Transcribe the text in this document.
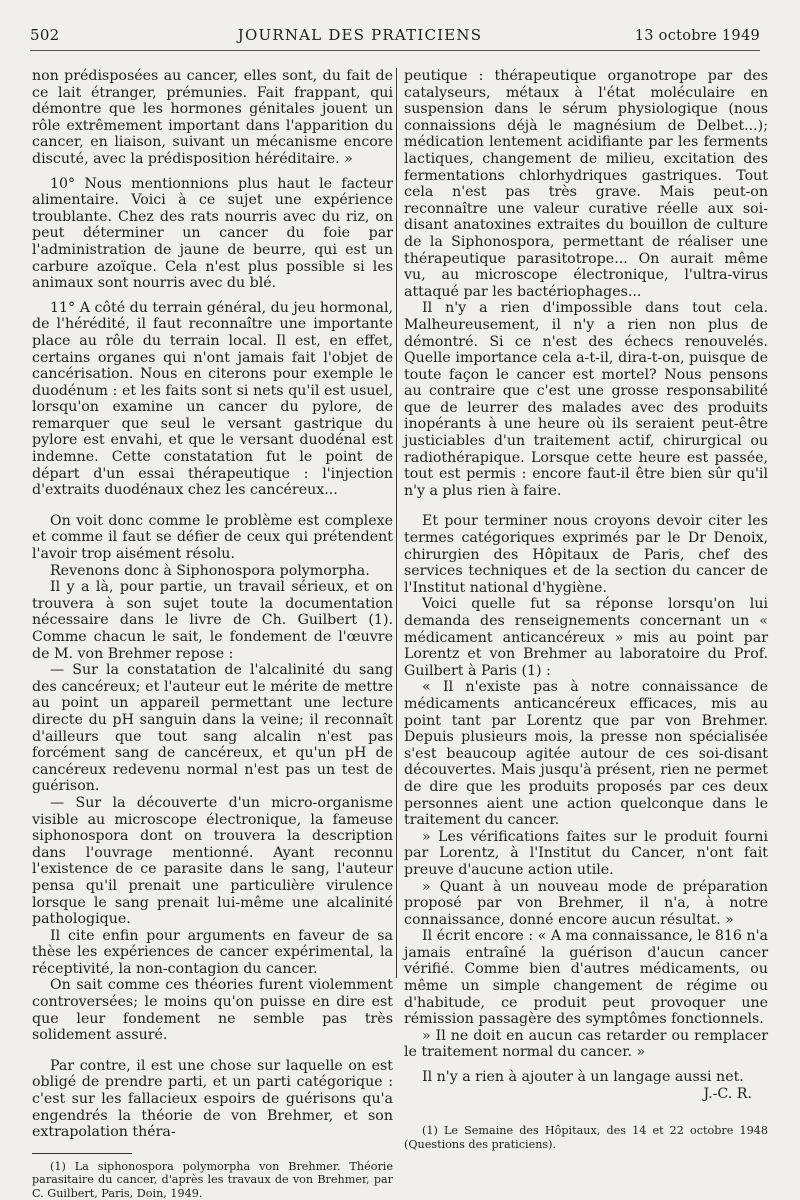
502	JOURNAL DES PRATICIENS	13 octobre 1949

non prédisposées au cancer, elles sont, du fait de ce lait étranger, prémunies. Fait frappant, qui démontre que les hormones génitales jouent un rôle extrêmement important dans l'apparition du cancer, en liaison, suivant un mécanisme encore discuté, avec la prédisposition héréditaire. »

10° Nous mentionnions plus haut le facteur alimentaire. Voici à ce sujet une expérience troublante. Chez des rats nourris avec du riz, on peut déterminer un cancer du foie par l'administration de jaune de beurre, qui est un carbure azoïque. Cela n'est plus possible si les animaux sont nourris avec du blé.

11° A côté du terrain général, du jeu hormonal, de l'hérédité, il faut reconnaître une importante place au rôle du terrain local. Il est, en effet, certains organes qui n'ont jamais fait l'objet de cancérisation. Nous en citerons pour exemple le duodénum : et les faits sont si nets qu'il est usuel, lorsqu'on examine un cancer du pylore, de remarquer que seul le versant gastrique du pylore est envahi, et que le versant duodénal est indemne. Cette constatation fut le point de départ d'un essai thérapeutique : l'injection d'extraits duodénaux chez les cancéreux...

On voit donc comme le problème est complexe et comme il faut se défier de ceux qui prétendent l'avoir trop aisément résolu.

Revenons donc à Siphonospora polymorpha.

Il y a là, pour partie, un travail sérieux, et on trouvera à son sujet toute la documentation nécessaire dans le livre de Ch. Guilbert (1). Comme chacun le sait, le fondement de l'œuvre de M. von Brehmer repose :

— Sur la constatation de l'alcalinité du sang des cancéreux; et l'auteur eut le mérite de mettre au point un appareil permettant une lecture directe du pH sanguin dans la veine; il reconnaît d'ailleurs que tout sang alcalin n'est pas forcément sang de cancéreux, et qu'un pH de cancéreux redevenu normal n'est pas un test de guérison.

— Sur la découverte d'un micro-organisme visible au microscope électronique, la fameuse siphonospora dont on trouvera la description dans l'ouvrage mentionné. Ayant reconnu l'existence de ce parasite dans le sang, l'auteur pensa qu'il prenait une particulière virulence lorsque le sang prenait lui-même une alcalinité pathologique.

Il cite enfin pour arguments en faveur de sa thèse les expériences de cancer expérimental, la réceptivité, la non-contagion du cancer.

On sait comme ces théories furent violemment controversées; le moins qu'on puisse en dire est que leur fondement ne semble pas très solidement assuré.

Par contre, il est une chose sur laquelle on est obligé de prendre parti, et un parti catégorique : c'est sur les fallacieux espoirs de guérisons qu'a engendrés la théorie de von Brehmer, et son extrapolation théra-

(1) La siphonospora polymorpha von Brehmer. Théorie parasitaire du cancer, d'après les travaux de von Brehmer, par C. Guilbert, Paris, Doin, 1949.

peutique : thérapeutique organotrope par des catalyseurs, métaux à l'état moléculaire en suspension dans le sérum physiologique (nous connaissions déjà le magnésium de Delbet...); médication lentement acidifiante par les ferments lactiques, changement de milieu, excitation des fermentations chlorhydriques gastriques. Tout cela n'est pas très grave. Mais peut-on reconnaître une valeur curative réelle aux soi-disant anatoxines extraites du bouillon de culture de la Siphonospora, permettant de réaliser une thérapeutique parasitotrope... On aurait même vu, au microscope électronique, l'ultra-virus attaqué par les bactériophages...

Il n'y a rien d'impossible dans tout cela. Malheureusement, il n'y a rien non plus de démontré. Si ce n'est des échecs renouvelés. Quelle importance cela a-t-il, dira-t-on, puisque de toute façon le cancer est mortel? Nous pensons au contraire que c'est une grosse responsabilité que de leurrer des malades avec des produits inopérants à une heure où ils seraient peut-être justiciables d'un traitement actif, chirurgical ou radiothérapique. Lorsque cette heure est passée, tout est permis : encore faut-il être bien sûr qu'il n'y a plus rien à faire.

Et pour terminer nous croyons devoir citer les termes catégoriques exprimés par le Dr Denoix, chirurgien des Hôpitaux de Paris, chef des services techniques et de la section du cancer de l'Institut national d'hygiène.

Voici quelle fut sa réponse lorsqu'on lui demanda des renseignements concernant un « médicament anticancéreux » mis au point par Lorentz et von Brehmer au laboratoire du Prof. Guilbert à Paris (1) :

« Il n'existe pas à notre connaissance de médicaments anticancéreux efficaces, mis au point tant par Lorentz que par von Brehmer. Depuis plusieurs mois, la presse non spécialisée s'est beaucoup agitée autour de ces soi-disant découvertes. Mais jusqu'à présent, rien ne permet de dire que les produits proposés par ces deux personnes aient une action quelconque dans le traitement du cancer.

» Les vérifications faites sur le produit fourni par Lorentz, à l'Institut du Cancer, n'ont fait preuve d'aucune action utile.

» Quant à un nouveau mode de préparation proposé par von Brehmer, il n'a, à notre connaissance, donné encore aucun résultat. »

Il écrit encore : « A ma connaissance, le 816 n'a jamais entraîné la guérison d'aucun cancer vérifié. Comme bien d'autres médicaments, ou même un simple changement de régime ou d'habitude, ce produit peut provoquer une rémission passagère des symptômes fonctionnels.

» Il ne doit en aucun cas retarder ou remplacer le traitement normal du cancer. »

Il n'y a rien à ajouter à un langage aussi net.

J.-C. R.

(1) Le Semaine des Hôpitaux, des 14 et 22 octobre 1948 (Questions des praticiens).
